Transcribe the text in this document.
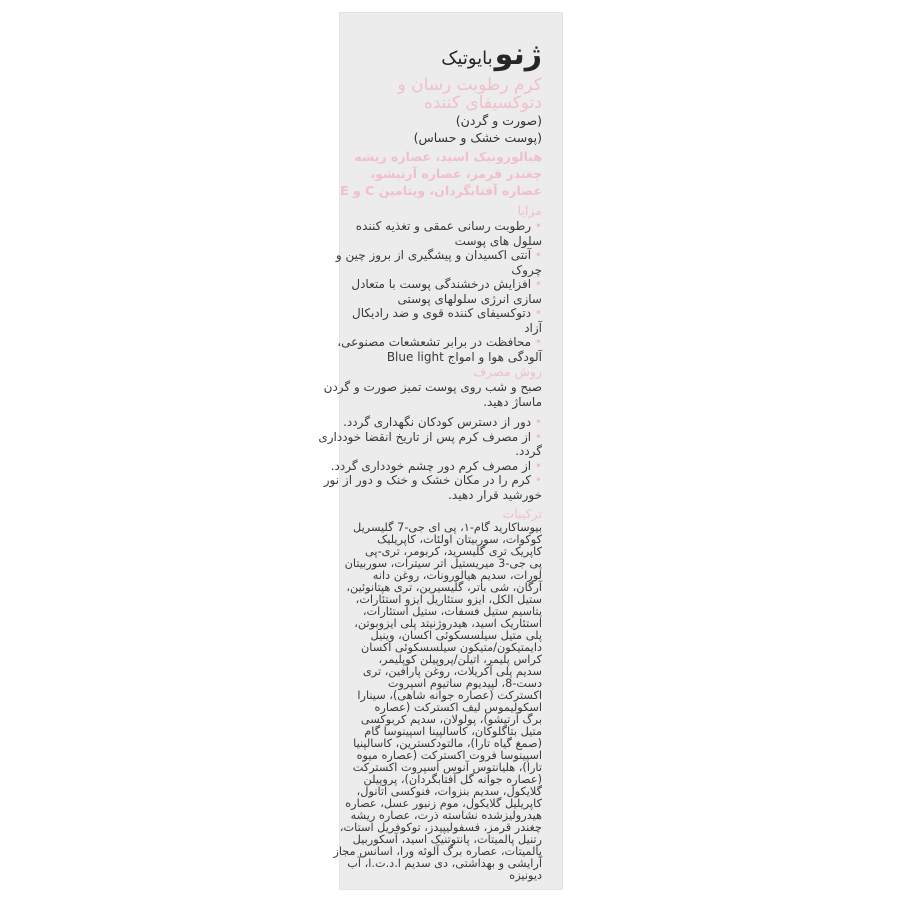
ژنو
بایوتیک
کرم رطوبت رسان و
دتوکسیفای کننده
(صورت و گردن)
(پوست خشک و حساس)
هیالورونیک اسید، عصاره ریشه
چغندر قرمز، عصاره آرتیشو،
عصاره آفتابگردان، ویتامین C و E
مزایا
• رطوبت رسانی عمقی و تغذیه کننده
سلول های پوست
• آنتی اکسیدان و پیشگیری از بروز چین و
چروک
• افزایش درخشندگی پوست با متعادل
سازی انرژی سلولهای پوستی
• دتوکسیفای کننده قوی و ضد رادیکال
آزاد
• محافظت در برابر تشعشعات مصنوعی،
آلودگی هوا و امواج Blue light
روش مصرف
صبح و شب روی پوست تمیز صورت و گردن
ماساژ دهید.
• دور از دسترس کودکان نگهداری گردد.
• از مصرف کرم پس از تاریخ انقضا خودداری
گردد.
• از مصرف کرم دور چشم خودداری گردد.
• کرم را در مکان خشک و خنک و دور از نور
خورشید قرار دهید.
ترکیبات
بیوساکارید گام-۱، پی ای جی-7 گلیسریل
کوکوات، سوربیتان اولئات، کاپریلیک
کاپریک تری گلیسرید، کربومر، تری-پی
پی جی-3 میریستیل اتر سیترات، سوربیتان
لورات، سدیم هیالورونات، روغن دانه
آرگان، شی باتر، گلیسیرین، تری هپتانوئین،
ستیل الکل، ایزو ستئاریل ایزو استئارات،
پتاسیم ستیل فسفات، ستیل استئارات،
استئاریک اسید، هیدروژنیتد پلی ایزوبوتن،
پلی متیل سیلسسکوئی اکسان، وینیل
دایمتیکون/متیکون سیلسسکوئی اکسان
کراس پلیمر، اتیلن/پروپیلن کوپلیمر،
سدیم پلی آکریلات، روغن پارافین، تری
دست-8، لپیدیوم ساتیوم اسپروت
اکسترکت (عصاره جوانه شاهی)، سینارا
اسکولیموس لیف اکسترکت (عصاره
برگ آرتیشو)، پولولان، سدیم کربوکسی
متیل بتاگلوکان، کاسالپینا اسپینوسا گام
(صمغ گیاه تارا)، مالتودکسترین، کاسالپنیا
اسپینوسا فروت اکسترکت (عصاره میوه
تارا)، هلیانتوس آنوس اسپروت اکسترکت
(عصاره جوانه گل آفتابگردان)، پروپیلن
گلایکول، سدیم بنزوات، فنوکسی اتانول،
کاپریلیل گلایکول، موم زنبور عسل، عصاره
هیدرولیزشده نشاسته ذرت، عصاره ریشه
چغندر قرمز، فسفولیپیدز، توکوفریل استات،
رتنیل پالمیتات، پانتوتنیک اسید، آسکوربیل
پالمیتات، عصاره برگ آلوئه ورا، اسانس مجاز
آرایشی و بهداشتی، دی سدیم ا.د.ت.ا، آب
دیونیزه
